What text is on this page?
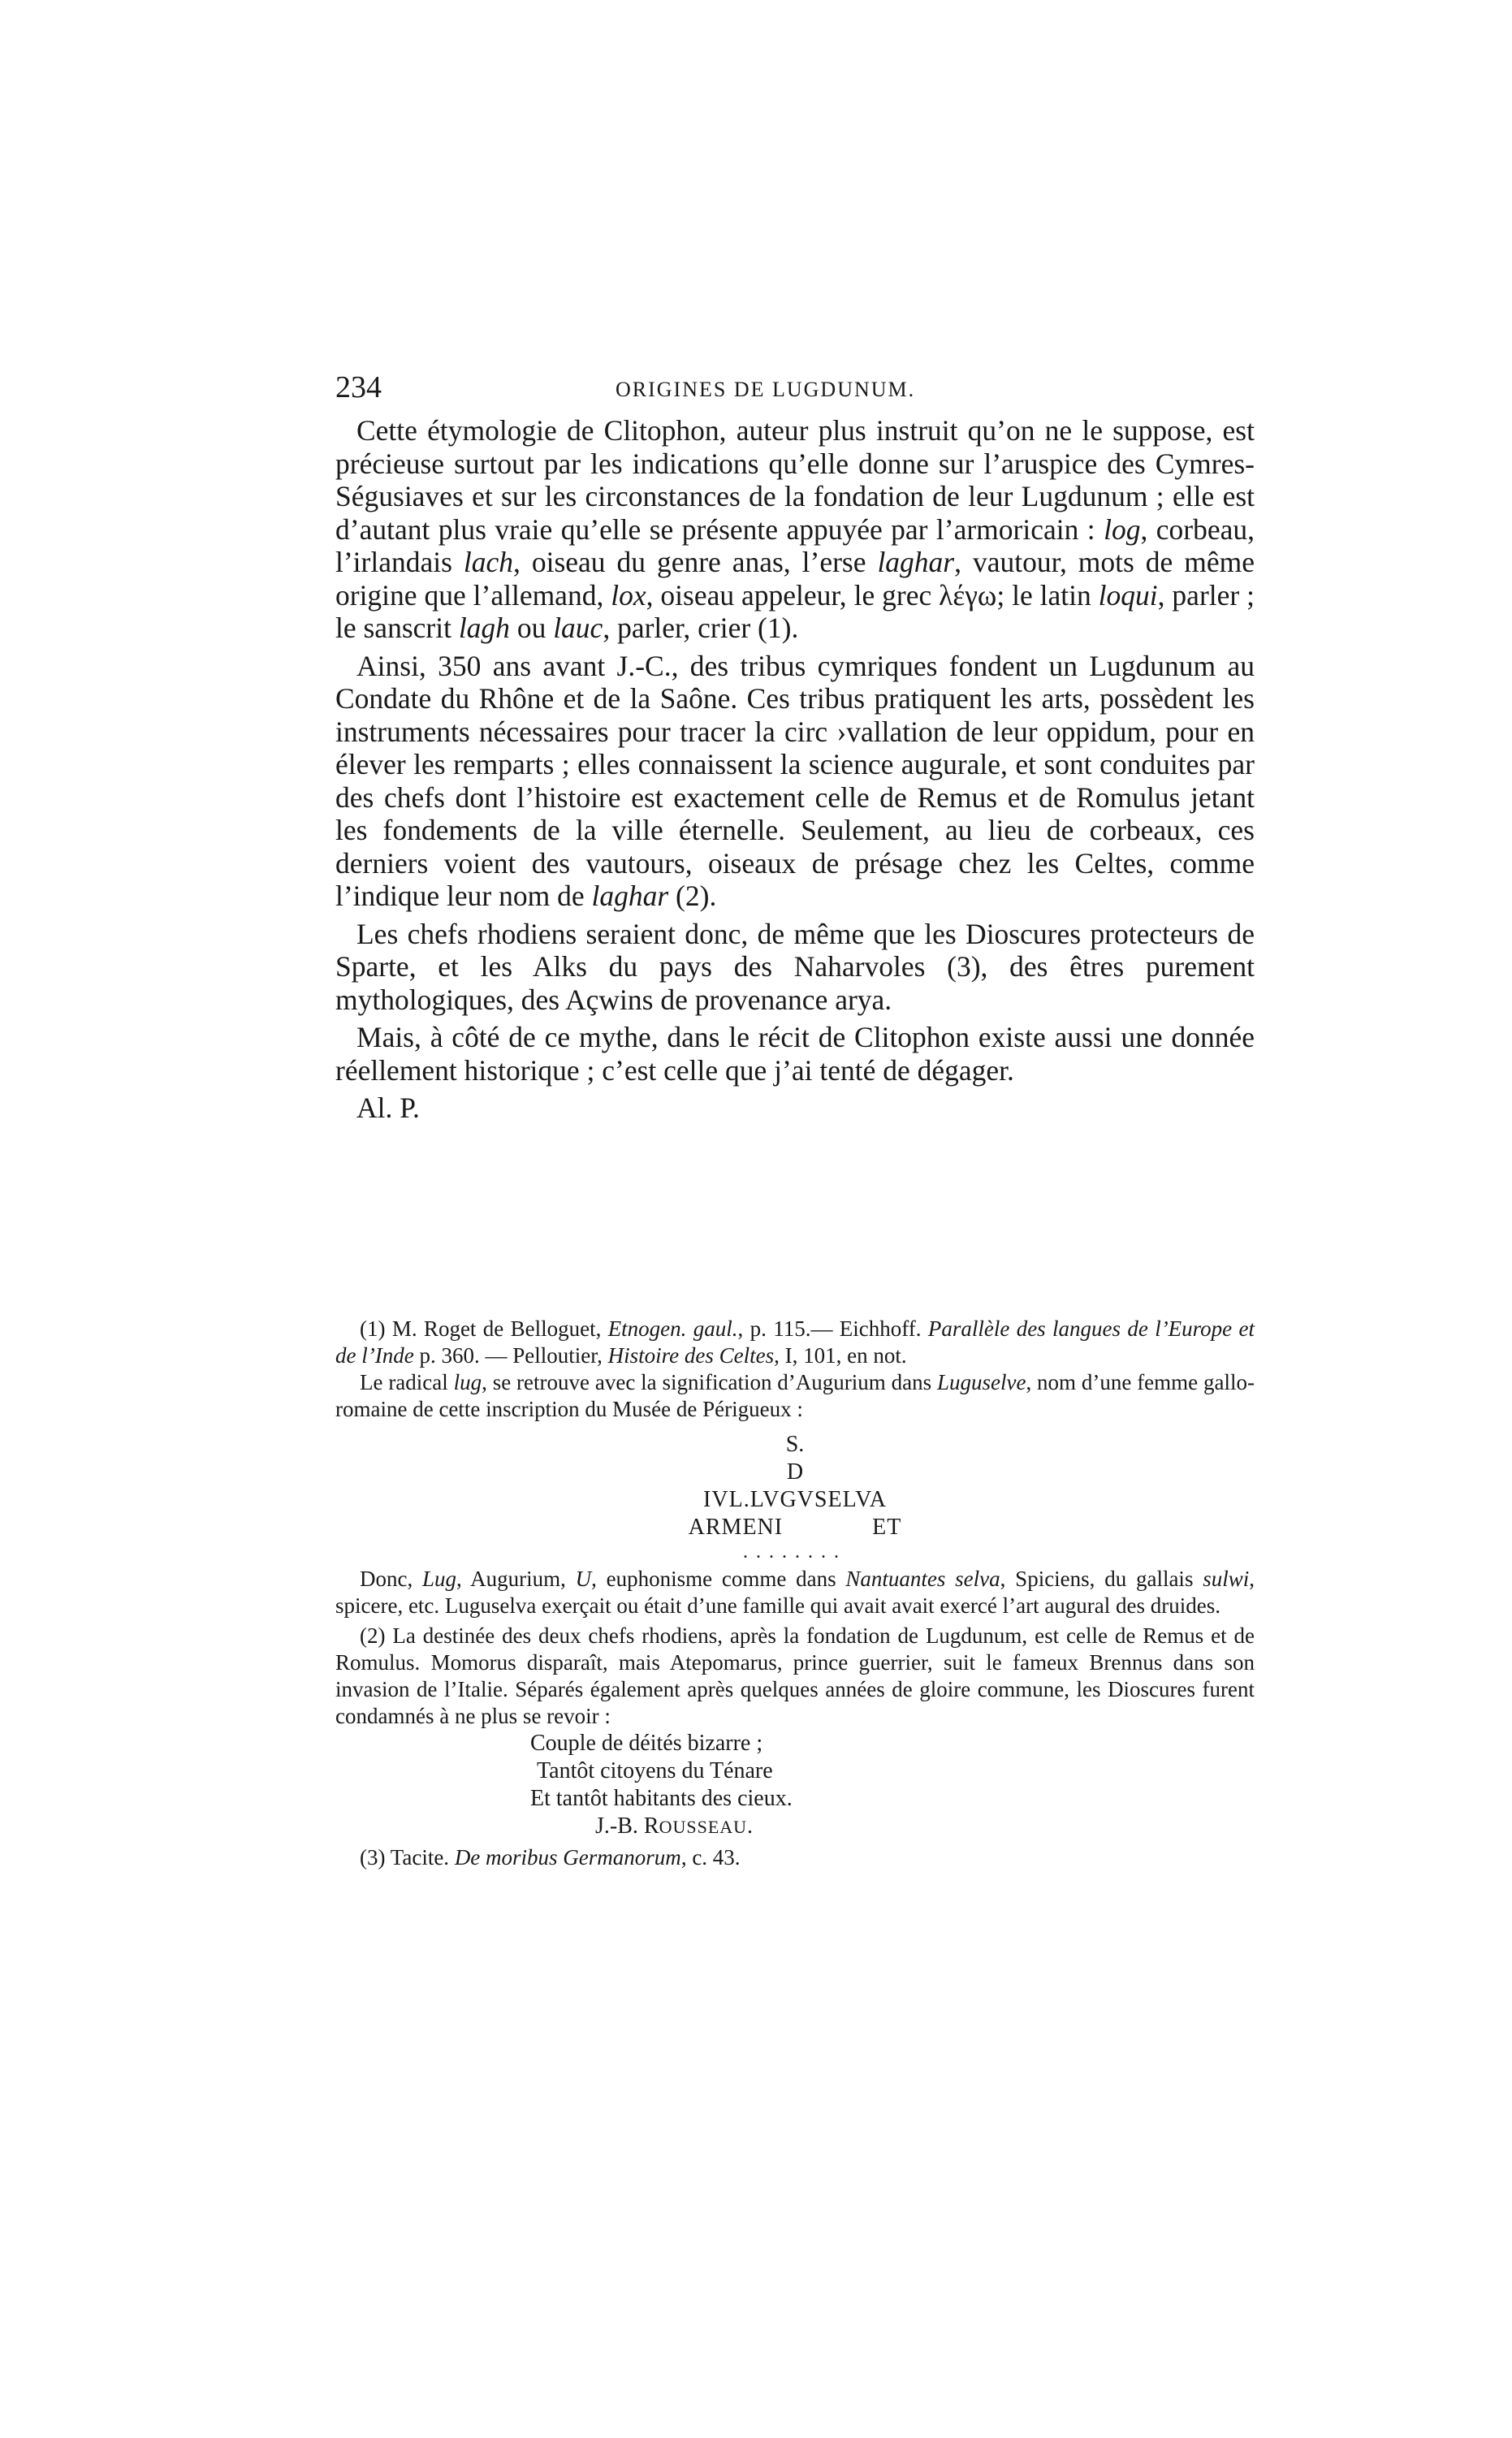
234	ORIGINES DE LUGDUNUM.

Cette étymologie de Clitophon, auteur plus instruit qu’on ne le suppose, est précieuse surtout par les indications qu’elle donne sur l’aruspice des Cymres-Ségusiaves et sur les circonstances de la fondation de leur Lugdunum ; elle est d’autant plus vraie qu’elle se présente appuyée par l’armoricain : log, corbeau, l’irlandais lach, oiseau du genre anas, l’erse laghar, vautour, mots de même origine que l’allemand, lox, oiseau appeleur, le grec λέγω; le latin loqui, parler ; le sanscrit lagh ou lauc, parler, crier (1).

Ainsi, 350 ans avant J.-C., des tribus cymriques fondent un Lugdunum au Condate du Rhône et de la Saône. Ces tribus pratiquent les arts, possèdent les instruments nécessaires pour tracer la circ ›vallation de leur oppidum, pour en élever les remparts ; elles connaissent la science augurale, et sont conduites par des chefs dont l’histoire est exactement celle de Remus et de Romulus jetant les fondements de la ville éternelle. Seulement, au lieu de corbeaux, ces derniers voient des vautours, oiseaux de présage chez les Celtes, comme l’indique leur nom de laghar (2).

Les chefs rhodiens seraient donc, de même que les Dioscures protecteurs de Sparte, et les Alks du pays des Naharvoles (3), des êtres purement mythologiques, des Açwins de provenance arya.

Mais, à côté de ce mythe, dans le récit de Clitophon existe aussi une donnée réellement historique ; c’est celle que j’ai tenté de dégager.

Al. P.

(1) M. Roget de Belloguet, Etnogen. gaul., p. 115.— Eichhoff. Parallèle des langues de l’Europe et de l’Inde p. 360. — Pelloutier, Histoire des Celtes, I, 101, en not.

Le radical lug, se retrouve avec la signification d’Augurium dans Luguselve, nom d’une femme gallo-romaine de cette inscription du Musée de Périgueux :

S.
D
IVL.LVGVSELVA
ARMENI	ET
........

Donc, Lug, Augurium, U, euphonisme comme dans Nantuantes selva, Spiciens, du gallais sulwi, spicere, etc. Luguselva exerçait ou était d’une famille qui avait avait exercé l’art augural des druides.

(2) La destinée des deux chefs rhodiens, après la fondation de Lugdunum, est celle de Remus et de Romulus. Momorus disparaît, mais Atepomarus, prince guerrier, suit le fameux Brennus dans son invasion de l’Italie. Séparés également après quelques années de gloire commune, les Dioscures furent condamnés à ne plus se revoir :

Couple de déités bizarre ;
Tantôt citoyens du Ténare
Et tantôt habitants des cieux.
J.-B. ROUSSEAU.

(3) Tacite. De moribus Germanorum, c. 43.
